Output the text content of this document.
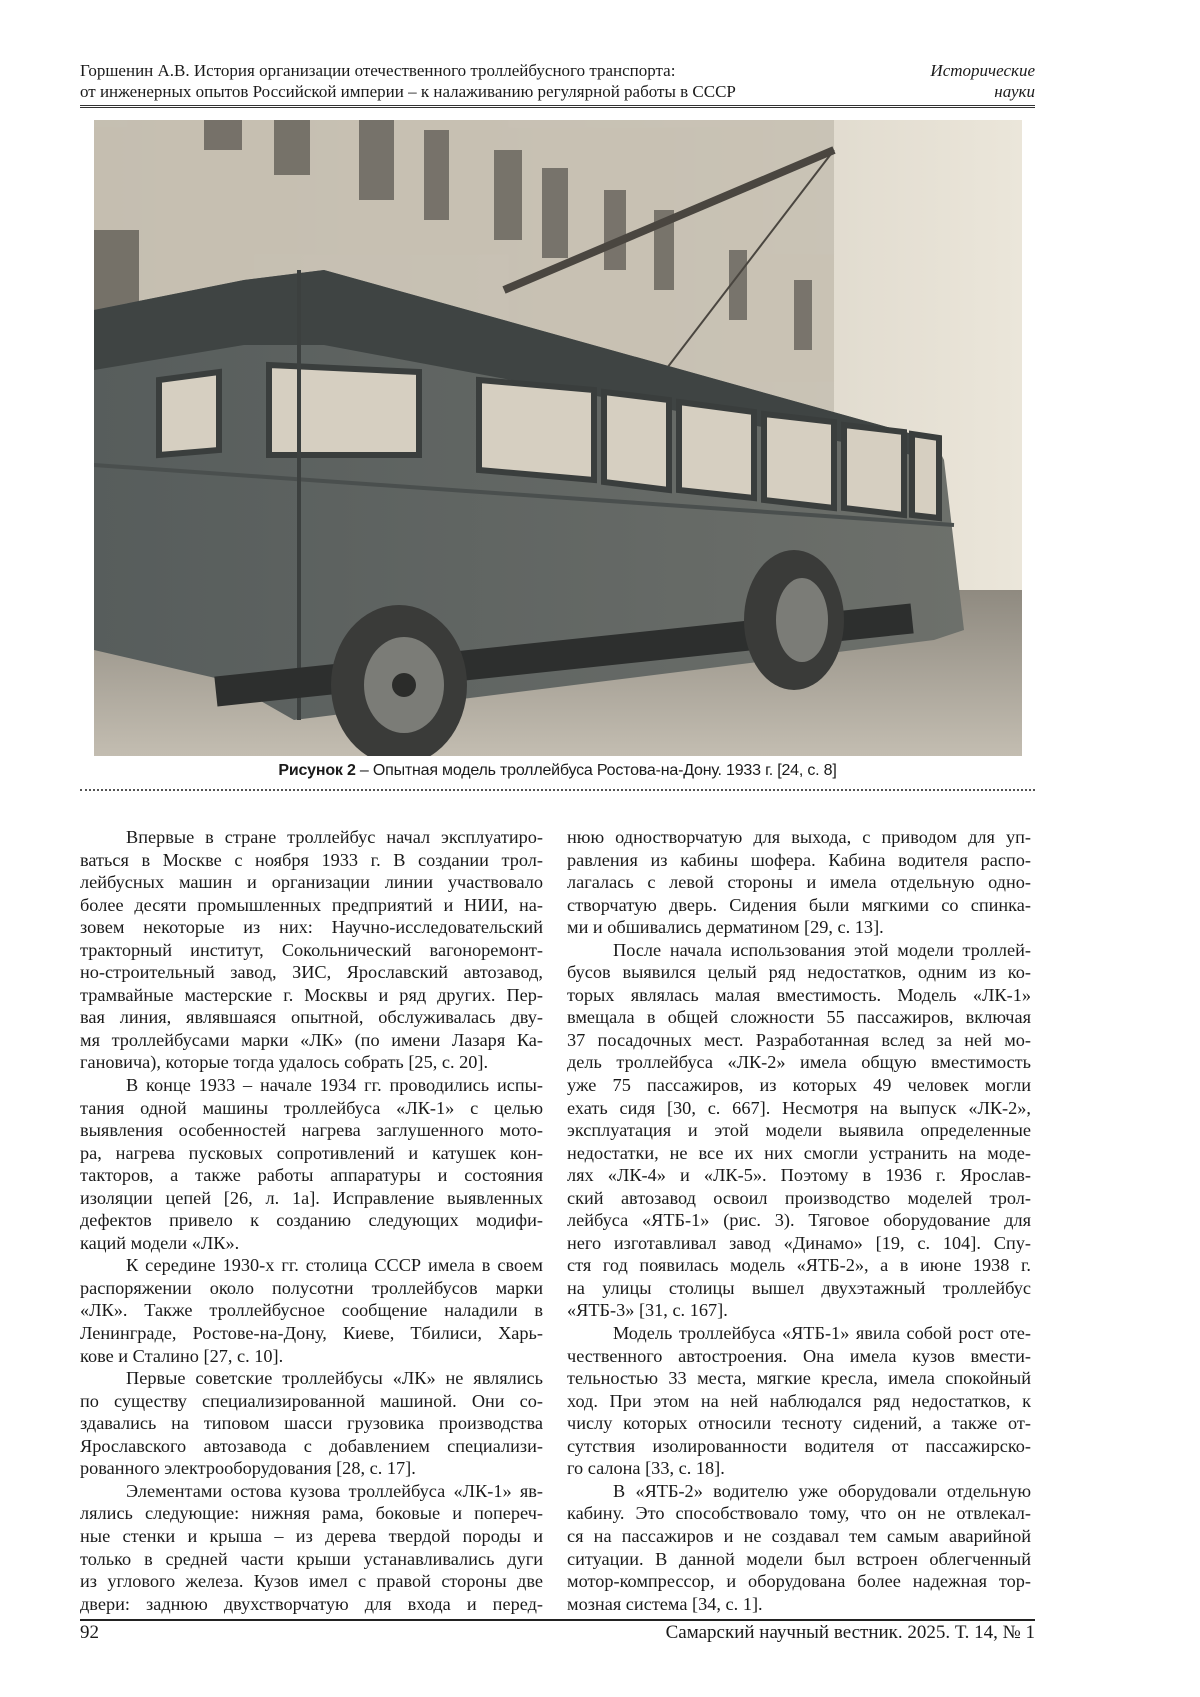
Горшенин А.В. История организации отечественного троллейбусного транспорта:
от инженерных опытов Российской империи – к налаживанию регулярной работы в СССР
Исторические
науки
Рисунок 2 – Опытная модель троллейбуса Ростова-на-Дону. 1933 г. [24, с. 8]
Впервые в стране троллейбус начал эксплуатиро-
ваться в Москве с ноября 1933 г. В создании трол-
лейбусных машин и организации линии участвовало
более десяти промышленных предприятий и НИИ, на-
зовем некоторые из них: Научно-исследовательский
тракторный институт, Сокольнический вагоноремонт-
но-строительный завод, ЗИС, Ярославский автозавод,
трамвайные мастерские г. Москвы и ряд других. Пер-
вая линия, являвшаяся опытной, обслуживалась дву-
мя троллейбусами марки «ЛК» (по имени Лазаря Ка-
гановича), которые тогда удалось собрать [25, с. 20].
В конце 1933 – начале 1934 гг. проводились испы-
тания одной машины троллейбуса «ЛК-1» с целью
выявления особенностей нагрева заглушенного мото-
ра, нагрева пусковых сопротивлений и катушек кон-
такторов, а также работы аппаратуры и состояния
изоляции цепей [26, л. 1а]. Исправление выявленных
дефектов привело к созданию следующих модифи-
каций модели «ЛК».
К середине 1930-х гг. столица СССР имела в своем
распоряжении около полусотни троллейбусов марки
«ЛК». Также троллейбусное сообщение наладили в
Ленинграде, Ростове-на-Дону, Киеве, Тбилиси, Харь-
кове и Сталино [27, с. 10].
Первые советские троллейбусы «ЛК» не являлись
по существу специализированной машиной. Они со-
здавались на типовом шасси грузовика производства
Ярославского автозавода с добавлением специализи-
рованного электрооборудования [28, с. 17].
Элементами остова кузова троллейбуса «ЛК-1» яв-
лялись следующие: нижняя рама, боковые и попереч-
ные стенки и крыша – из дерева твердой породы и
только в средней части крыши устанавливались дуги
из углового железа. Кузов имел с правой стороны две
двери: заднюю двухстворчатую для входа и перед-
нюю одностворчатую для выхода, с приводом для уп-
равления из кабины шофера. Кабина водителя распо-
лагалась с левой стороны и имела отдельную одно-
створчатую дверь. Сидения были мягкими со спинка-
ми и обшивались дерматином [29, с. 13].
После начала использования этой модели троллей-
бусов выявился целый ряд недостатков, одним из ко-
торых являлась малая вместимость. Модель «ЛК-1»
вмещала в общей сложности 55 пассажиров, включая
37 посадочных мест. Разработанная вслед за ней мо-
дель троллейбуса «ЛК-2» имела общую вместимость
уже 75 пассажиров, из которых 49 человек могли
ехать сидя [30, с. 667]. Несмотря на выпуск «ЛК-2»,
эксплуатация и этой модели выявила определенные
недостатки, не все их них смогли устранить на моде-
лях «ЛК-4» и «ЛК-5». Поэтому в 1936 г. Ярослав-
ский автозавод освоил производство моделей трол-
лейбуса «ЯТБ-1» (рис. 3). Тяговое оборудование для
него изготавливал завод «Динамо» [19, с. 104]. Спу-
стя год появилась модель «ЯТБ-2», а в июне 1938 г.
на улицы столицы вышел двухэтажный троллейбус
«ЯТБ-3» [31, с. 167].
Модель троллейбуса «ЯТБ-1» явила собой рост оте-
чественного автостроения. Она имела кузов вмести-
тельностью 33 места, мягкие кресла, имела спокойный
ход. При этом на ней наблюдался ряд недостатков, к
числу которых относили тесноту сидений, а также от-
сутствия изолированности водителя от пассажирско-
го салона [33, с. 18].
В «ЯТБ-2» водителю уже оборудовали отдельную
кабину. Это способствовало тому, что он не отвлекал-
ся на пассажиров и не создавал тем самым аварийной
ситуации. В данной модели был встроен облегченный
мотор-компрессор, и оборудована более надежная тор-
мозная система [34, с. 1].
92	Самарский научный вестник. 2025. Т. 14, № 1
